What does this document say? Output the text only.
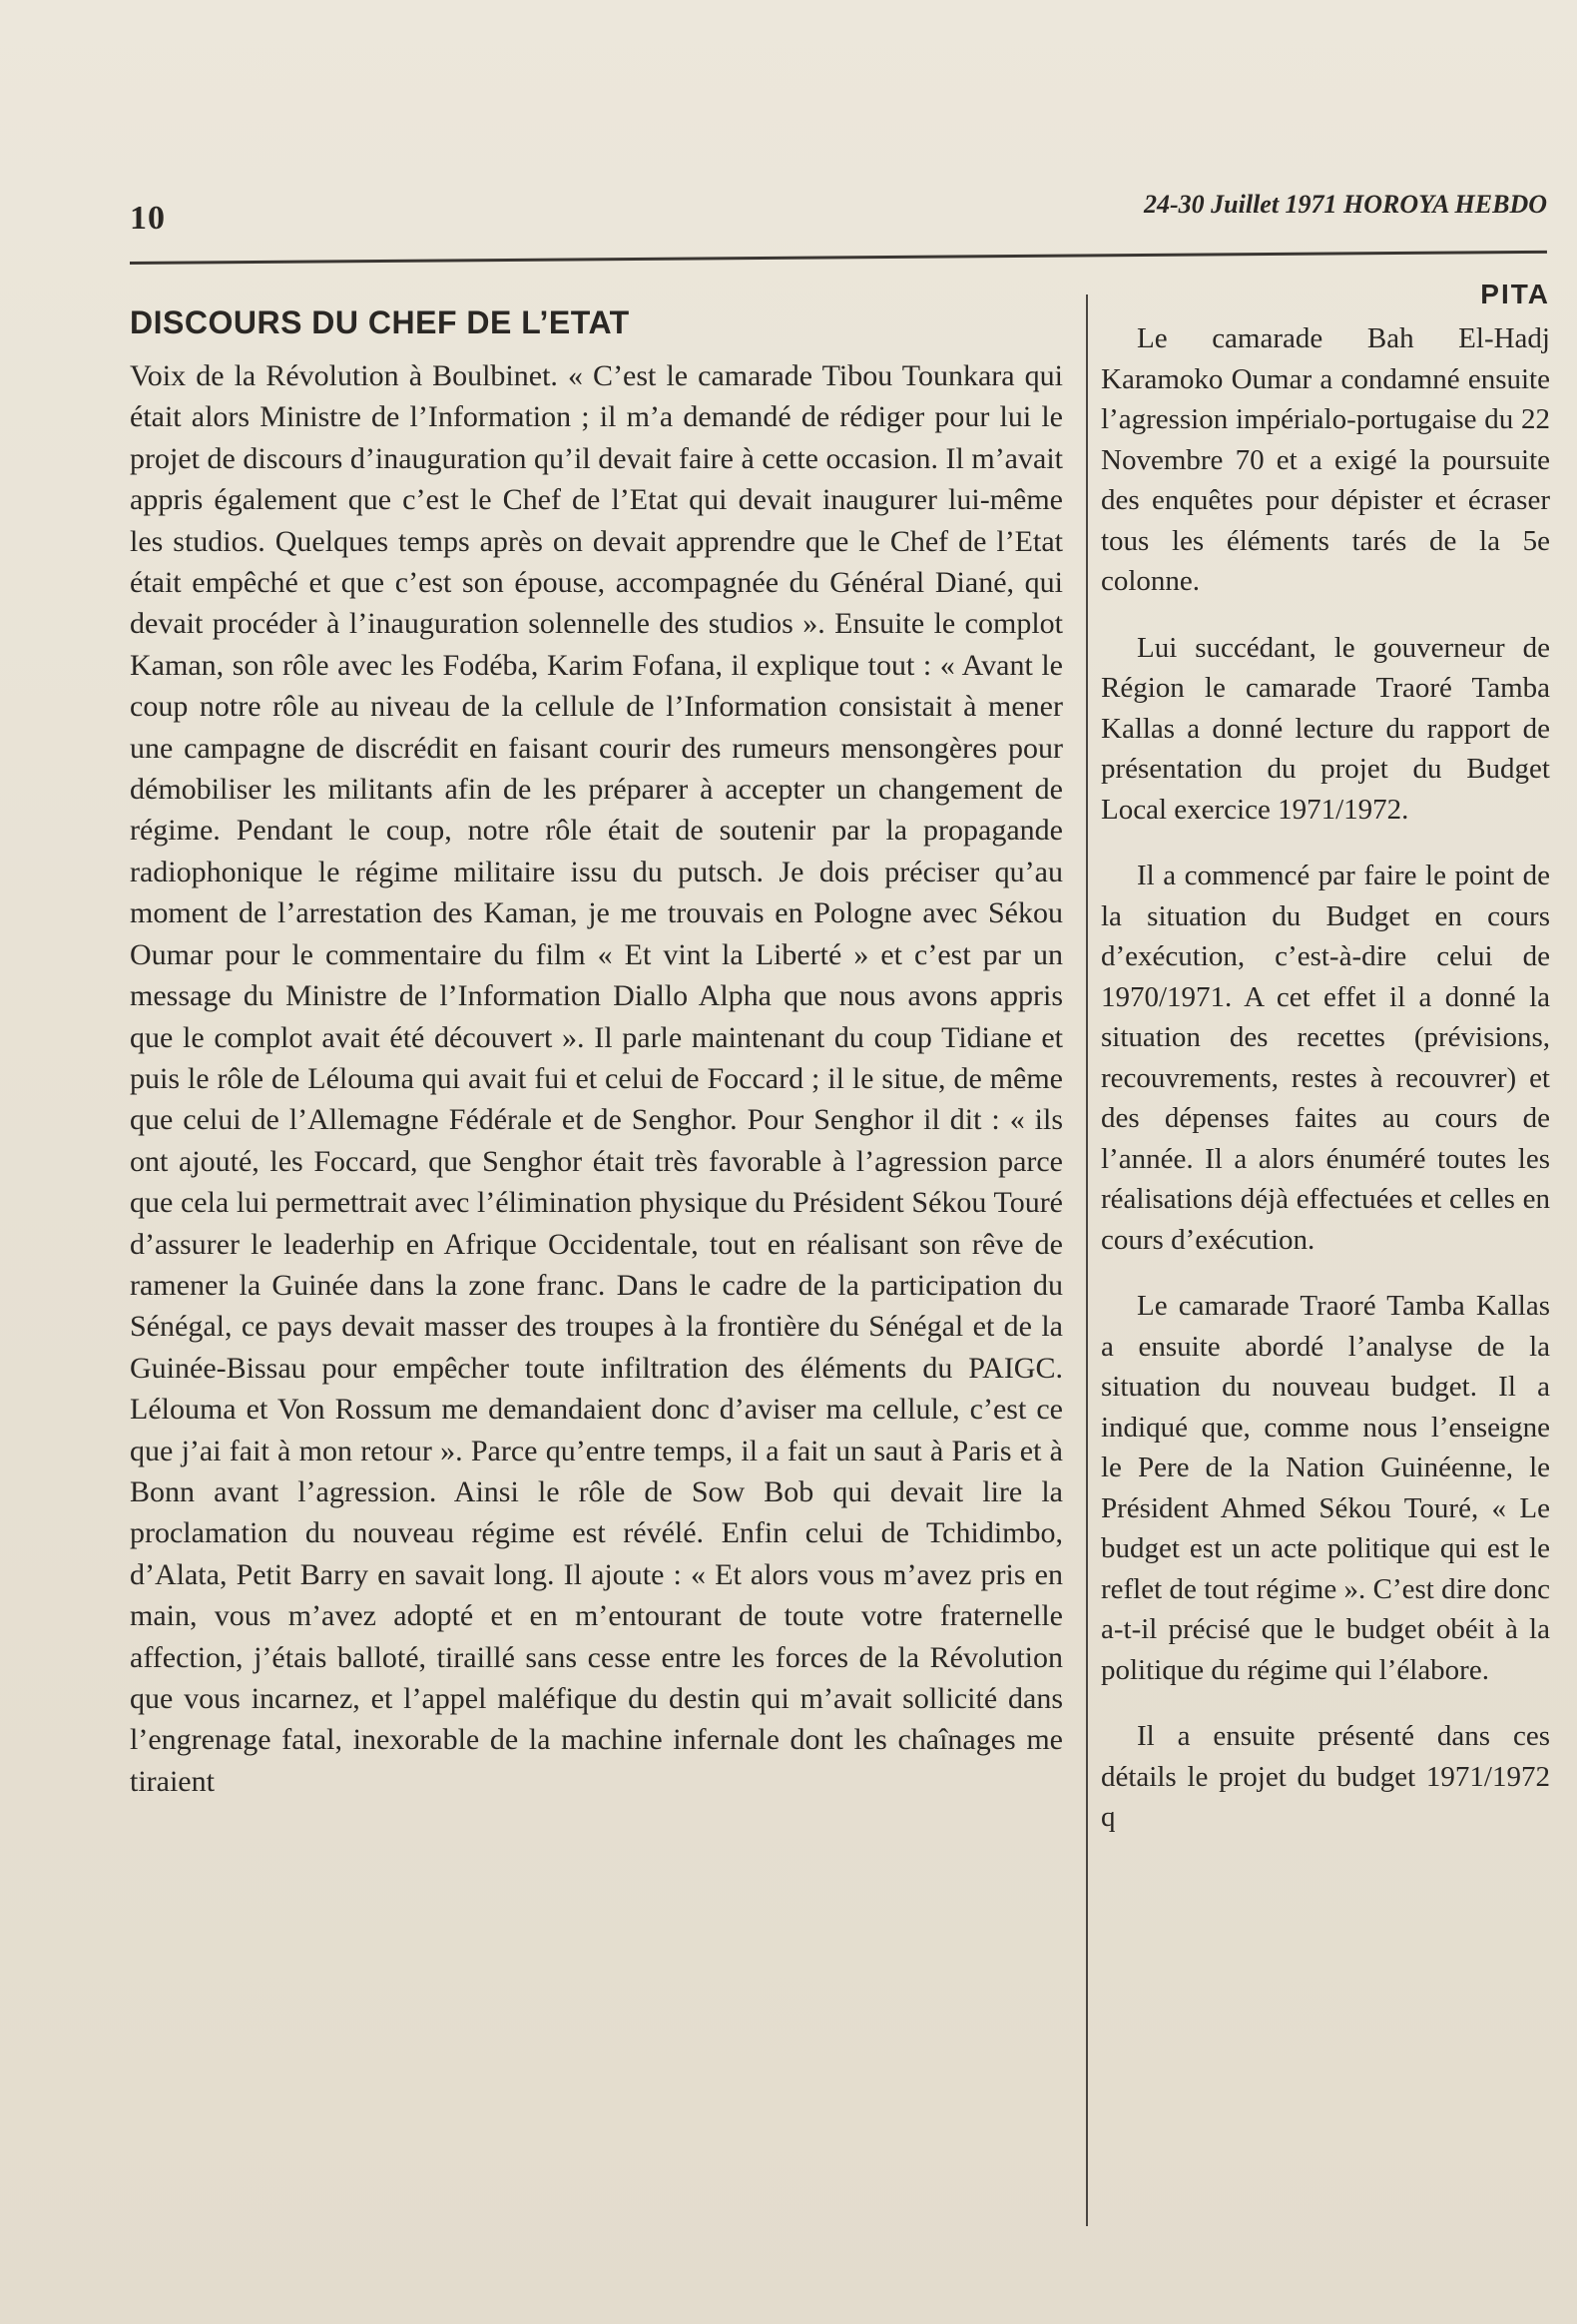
10	24-30 Juillet 1971 HOROYA HEBDO
DISCOURS DU CHEF DE L’ETAT

Voix de la Révolution à Boulbinet. « C’est le camarade Tibou Tounkara qui était alors Ministre de l’Information ; il m’a demandé de rédiger pour lui le projet de discours d’inauguration qu’il devait faire à cette occasion. Il m’avait appris également que c’est le Chef de l’Etat qui devait inaugurer lui-même les studios. Quelques temps après on devait apprendre que le Chef de l’Etat était empêché et que c’est son épouse, accompagnée du Général Diané, qui devait procéder à l’inauguration solennelle des studios ». Ensuite le complot Kaman, son rôle avec les Fodéba, Karim Fofana, il explique tout : « Avant le coup notre rôle au niveau de la cellule de l’Information consistait à mener une campagne de discrédit en faisant courir des rumeurs mensongères pour démobiliser les militants afin de les préparer à accepter un changement de régime. Pendant le coup, notre rôle était de soutenir par la propagande radiophonique le régime militaire issu du putsch. Je dois préciser qu’au moment de l’arrestation des Kaman, je me trouvais en Pologne avec Sékou Oumar pour le commentaire du film « Et vint la Liberté » et c’est par un message du Ministre de l’Information Diallo Alpha que nous avons appris que le complot avait été découvert ». Il parle maintenant du coup Tidiane et puis le rôle de Lélouma qui avait fui et celui de Foccard ; il le situe, de même que celui de l’Allemagne Fédérale et de Senghor. Pour Senghor il dit : « ils ont ajouté, les Foccard, que Senghor était très favorable à l’agression parce que cela lui permettrait avec l’élimination physique du Président Sékou Touré d’assurer le leaderhip en Afrique Occidentale, tout en réalisant son rêve de ramener la Guinée dans la zone franc. Dans le cadre de la participation du Sénégal, ce pays devait masser des troupes à la frontière du Sénégal et de la Guinée-Bissau pour empêcher toute infiltration des éléments du PAIGC. Lélouma et Von Rossum me demandaient donc d’aviser ma cellule, c’est ce que j’ai fait à mon retour ». Parce qu’entre temps, il a fait un saut à Paris et à Bonn avant l’agression. Ainsi le rôle de Sow Bob qui devait lire la proclamation du nouveau régime est révélé. Enfin celui de Tchidimbo, d’Alata, Petit Barry en savait long. Il ajoute : « Et alors vous m’avez pris en main, vous m’avez adopté et en m’entourant de toute votre fraternelle affection, j’étais balloté, tiraillé sans cesse entre les forces de la Révolution que vous incarnez, et l’appel maléfique du destin qui m’avait sollicité dans l’engrenage fatal, inexorable de la machine infernale dont les chaînages me tiraient

PITA

Le camarade Bah El-Hadj Karamoko Oumar a condamné ensuite l’agression impérialo-portugaise du 22 Novembre 70 et a exigé la poursuite des enquêtes pour dépister et écraser tous les éléments tarés de la 5e colonne.

Lui succédant, le gouverneur de Région le camarade Traoré Tamba Kallas a donné lecture du rapport de présentation du projet du Budget Local exercice 1971/1972.

Il a commencé par faire le point de la situation du Budget en cours d’exécution, c’est-à-dire celui de 1970/1971. A cet effet il a donné la situation des recettes (prévisions, recouvrements, restes à recouvrer) et des dépenses faites au cours de l’année. Il a alors énuméré toutes les réalisations déjà effectuées et celles en cours d’exécution.

Le camarade Traoré Tamba Kallas a ensuite abordé l’analyse de la situation du nouveau budget. Il a indiqué que, comme nous l’enseigne le Pere de la Nation Guinéenne, le Président Ahmed Sékou Touré, « Le budget est un acte politique qui est le reflet de tout régime ». C’est dire donc a-t-il précisé que le budget obéit à la politique du régime qui l’élabore.

Il a ensuite présenté dans ces détails le projet du budget 1971/1972 q
